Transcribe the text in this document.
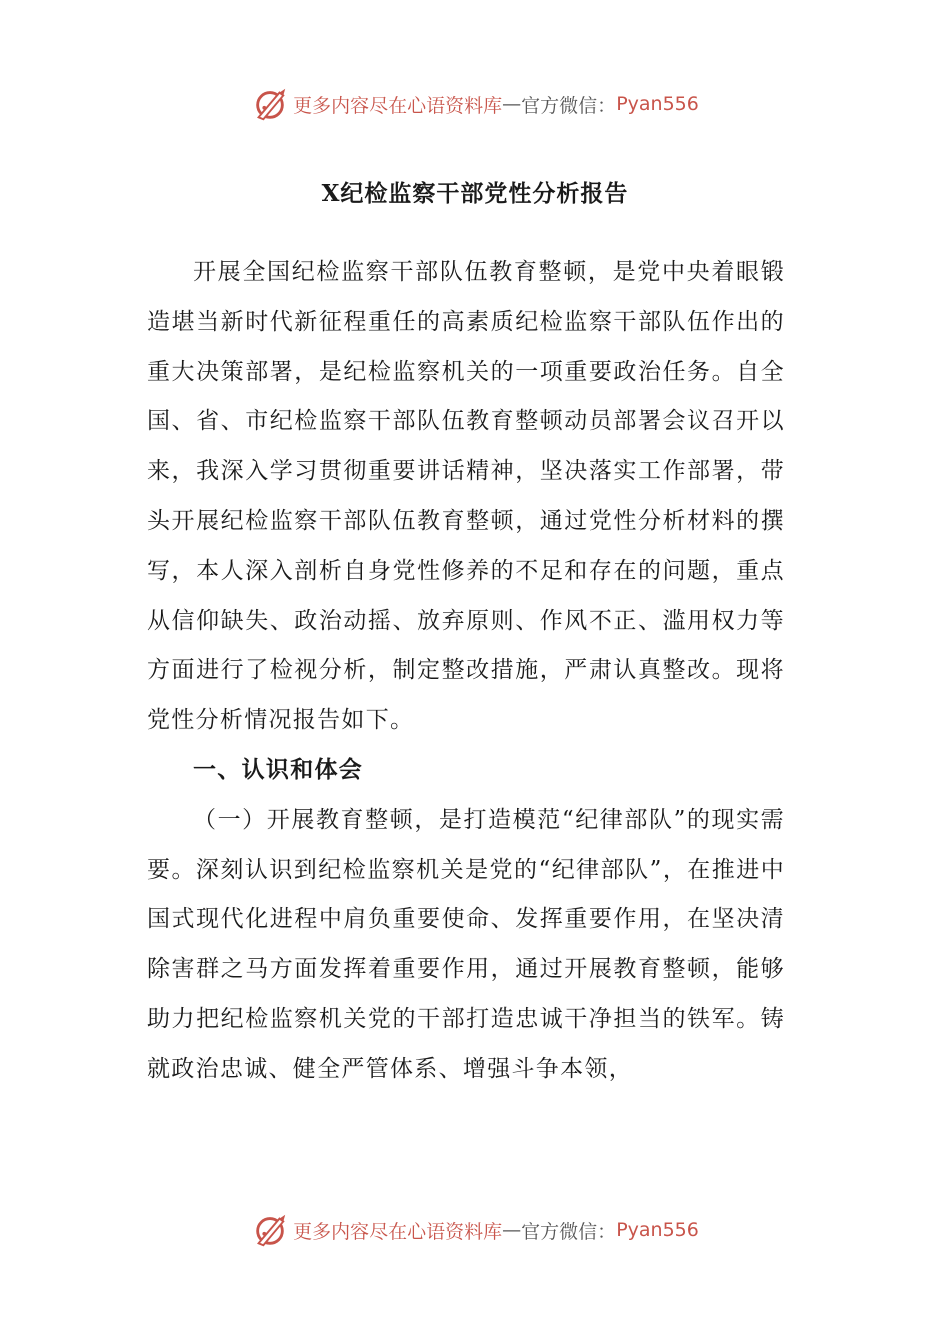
更多内容尽在心语资料库 — 官方微信： Pyan556
X纪检监察干部党性分析报告

开展全国纪检监察干部队伍教育整顿，是党中央着眼锻造堪当新时代新征程重任的高素质纪检监察干部队伍作出的重大决策部署，是纪检监察机关的一项重要政治任务。自全国、省、市纪检监察干部队伍教育整顿动员部署会议召开以来，我深入学习贯彻重要讲话精神，坚决落实工作部署，带头开展纪检监察干部队伍教育整顿，通过党性分析材料的撰写，本人深入剖析自身党性修养的不足和存在的问题，重点从信仰缺失、政治动摇、放弃原则、作风不正、滥用权力等方面进行了检视分析，制定整改措施，严肃认真整改。现将党性分析情况报告如下。

一、认识和体会

（一）开展教育整顿，是打造模范“纪律部队”的现实需要。深刻认识到纪检监察机关是党的“纪律部队”，在推进中国式现代化进程中肩负重要使命、发挥重要作用，在坚决清除害群之马方面发挥着重要作用，通过开展教育整顿，能够助力把纪检监察机关党的干部打造忠诚干净担当的铁军。铸就政治忠诚、健全严管体系、增强斗争本领，

更多内容尽在心语资料库 — 官方微信： Pyan556
